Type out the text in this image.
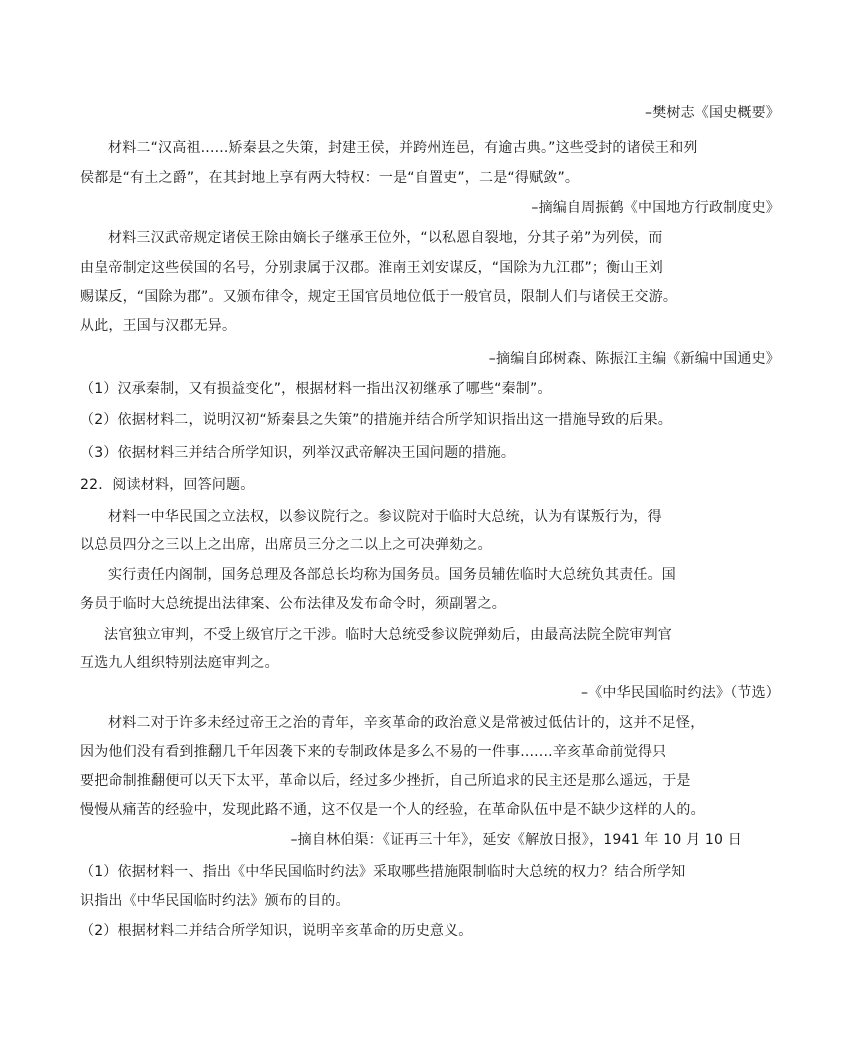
–樊树志《国史概要》
材料二“汉高祖......矫秦县之失策，封建王侯，并跨州连邑，有逾古典。”这些受封的诸侯王和列
侯都是“有土之爵”，在其封地上享有两大特权：一是“自置吏”，二是“得赋敛”。
–摘编自周振鹤《中国地方行政制度史》
材料三汉武帝规定诸侯王除由嫡长子继承王位外，“以私恩自裂地，分其子弟”为列侯，而
由皇帝制定这些侯国的名号，分别隶属于汉郡。淮南王刘安谋反，“国除为九江郡”；衡山王刘
赐谋反，“国除为郡”。又颁布律令，规定王国官员地位低于一般官员，限制人们与诸侯王交游。
从此，王国与汉郡无异。
–摘编自邱树森、陈振江主编《新编中国通史》
（1）汉承秦制，又有损益变化”，根据材料一指出汉初继承了哪些“秦制”。
（2）依据材料二，说明汉初“矫秦县之失策”的措施并结合所学知识指出这一措施导致的后果。
（3）依据材料三并结合所学知识，列举汉武帝解决王国问题的措施。
22．阅读材料，回答问题。
材料一中华民国之立法权，以参议院行之。参议院对于临时大总统，认为有谋叛行为，得
以总员四分之三以上之出席，出席员三分之二以上之可决弹劾之。
实行责任内阁制，国务总理及各部总长均称为国务员。国务员辅佐临时大总统负其责任。国
务员于临时大总统提出法律案、公布法律及发布命令时，须副署之。
法官独立审判，不受上级官厅之干涉。临时大总统受参议院弹劾后，由最高法院全院审判官
互选九人组织特别法庭审判之。
–《中华民国临时约法》（节选）
材料二对于许多未经过帝王之治的青年，辛亥革命的政治意义是常被过低估计的，这并不足怪，
因为他们没有看到推翻几千年因袭下来的专制政体是多么不易的一件事.......辛亥革命前觉得只
要把命制推翻便可以天下太平，革命以后，经过多少挫折，自己所追求的民主还是那么遥远，于是
慢慢从痛苦的经验中，发现此路不通，这不仅是一个人的经验，在革命队伍中是不缺少这样的人的。
–摘自林伯渠：《证再三十年》，延安《解放日报》，1941 年 10 月 10 日
（1）依据材料一、指出《中华民国临时约法》采取哪些措施限制临时大总统的权力？结合所学知
识指出《中华民国临时约法》颁布的目的。
（2）根据材料二并结合所学知识，说明辛亥革命的历史意义。
